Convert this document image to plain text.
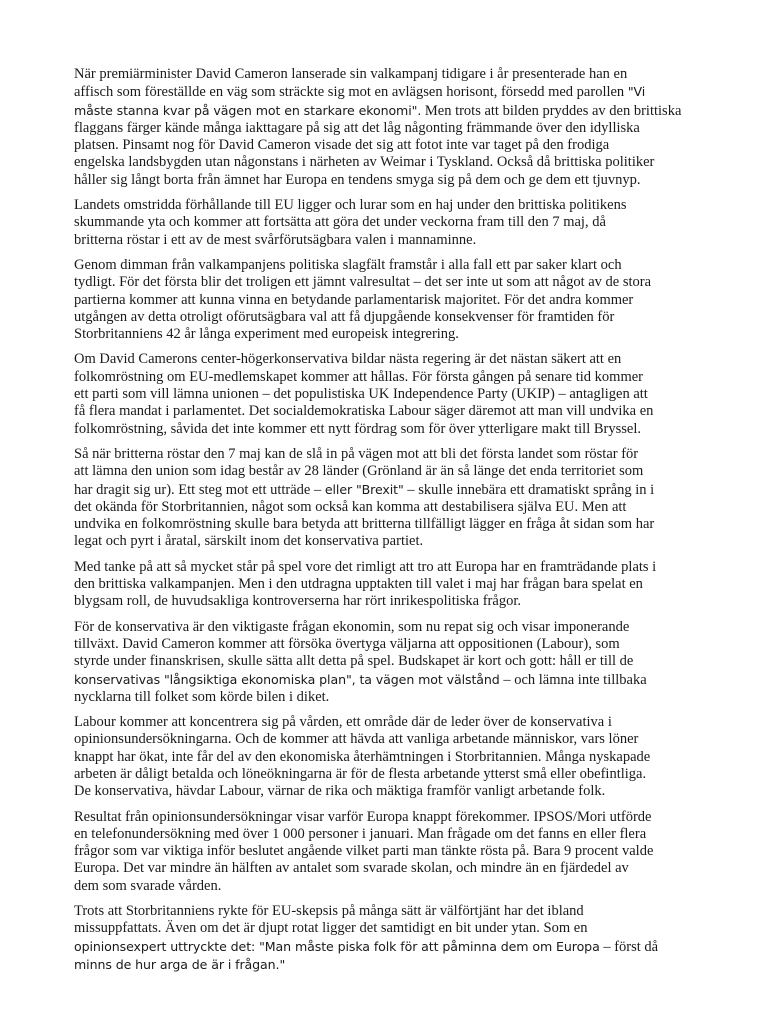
När premiärminister David Cameron lanserade sin valkampanj tidigare i år presenterade han en
affisch som föreställde en väg som sträckte sig mot en avlägsen horisont, försedd med parollen "Vi
måste stanna kvar på vägen mot en starkare ekonomi". Men trots att bilden pryddes av den brittiska
flaggans färger kände många iakttagare på sig att det låg någonting främmande över den idylliska
platsen. Pinsamt nog för David Cameron visade det sig att fotot inte var taget på den frodiga
engelska landsbygden utan någonstans i närheten av Weimar i Tyskland. Också då brittiska politiker
håller sig långt borta från ämnet har Europa en tendens smyga sig på dem och ge dem ett tjuvnyp.

Landets omstridda förhållande till EU ligger och lurar som en haj under den brittiska politikens
skummande yta och kommer att fortsätta att göra det under veckorna fram till den 7 maj, då
britterna röstar i ett av de mest svårförutsägbara valen i mannaminne.

Genom dimman från valkampanjens politiska slagfält framstår i alla fall ett par saker klart och
tydligt. För det första blir det troligen ett jämnt valresultat – det ser inte ut som att något av de stora
partierna kommer att kunna vinna en betydande parlamentarisk majoritet. För det andra kommer
utgången av detta otroligt oförutsägbara val att få djupgående konsekvenser för framtiden för
Storbritanniens 42 år långa experiment med europeisk integrering.

Om David Camerons center-högerkonservativa bildar nästa regering är det nästan säkert att en
folkomröstning om EU-medlemskapet kommer att hållas. För första gången på senare tid kommer
ett parti som vill lämna unionen – det populistiska UK Independence Party (UKIP) – antagligen att
få flera mandat i parlamentet. Det socialdemokratiska Labour säger däremot att man vill undvika en
folkomröstning, såvida det inte kommer ett nytt fördrag som för över ytterligare makt till Bryssel.

Så när britterna röstar den 7 maj kan de slå in på vägen mot att bli det första landet som röstar för
att lämna den union som idag består av 28 länder (Grönland är än så länge det enda territoriet som
har dragit sig ur). Ett steg mot ett utträde – eller "Brexit" – skulle innebära ett dramatiskt språng in i
det okända för Storbritannien, något som också kan komma att destabilisera själva EU. Men att
undvika en folkomröstning skulle bara betyda att britterna tillfälligt lägger en fråga åt sidan som har
legat och pyrt i åratal, särskilt inom det konservativa partiet.

Med tanke på att så mycket står på spel vore det rimligt att tro att Europa har en framträdande plats i
den brittiska valkampanjen. Men i den utdragna upptakten till valet i maj har frågan bara spelat en
blygsam roll, de huvudsakliga kontroverserna har rört inrikespolitiska frågor.

För de konservativa är den viktigaste frågan ekonomin, som nu repat sig och visar imponerande
tillväxt. David Cameron kommer att försöka övertyga väljarna att oppositionen (Labour), som
styrde under finanskrisen, skulle sätta allt detta på spel. Budskapet är kort och gott: håll er till de
konservativas "långsiktiga ekonomiska plan", ta vägen mot välstånd – och lämna inte tillbaka
nycklarna till folket som körde bilen i diket.

Labour kommer att koncentrera sig på vården, ett område där de leder över de konservativa i
opinionsundersökningarna. Och de kommer att hävda att vanliga arbetande människor, vars löner
knappt har ökat, inte får del av den ekonomiska återhämtningen i Storbritannien. Många nyskapade
arbeten är dåligt betalda och löneökningarna är för de flesta arbetande ytterst små eller obefintliga.
De konservativa, hävdar Labour, värnar de rika och mäktiga framför vanligt arbetande folk.

Resultat från opinionsundersökningar visar varför Europa knappt förekommer. IPSOS/Mori utförde
en telefonundersökning med över 1 000 personer i januari. Man frågade om det fanns en eller flera
frågor som var viktiga inför beslutet angående vilket parti man tänkte rösta på. Bara 9 procent valde
Europa. Det var mindre än hälften av antalet som svarade skolan, och mindre än en fjärdedel av
dem som svarade vården.

Trots att Storbritanniens rykte för EU-skepsis på många sätt är välförtjänt har det ibland
missuppfattats. Även om det är djupt rotat ligger det samtidigt en bit under ytan. Som en
opinionsexpert uttryckte det: "Man måste piska folk för att påminna dem om Europa – först då
minns de hur arga de är i frågan."
